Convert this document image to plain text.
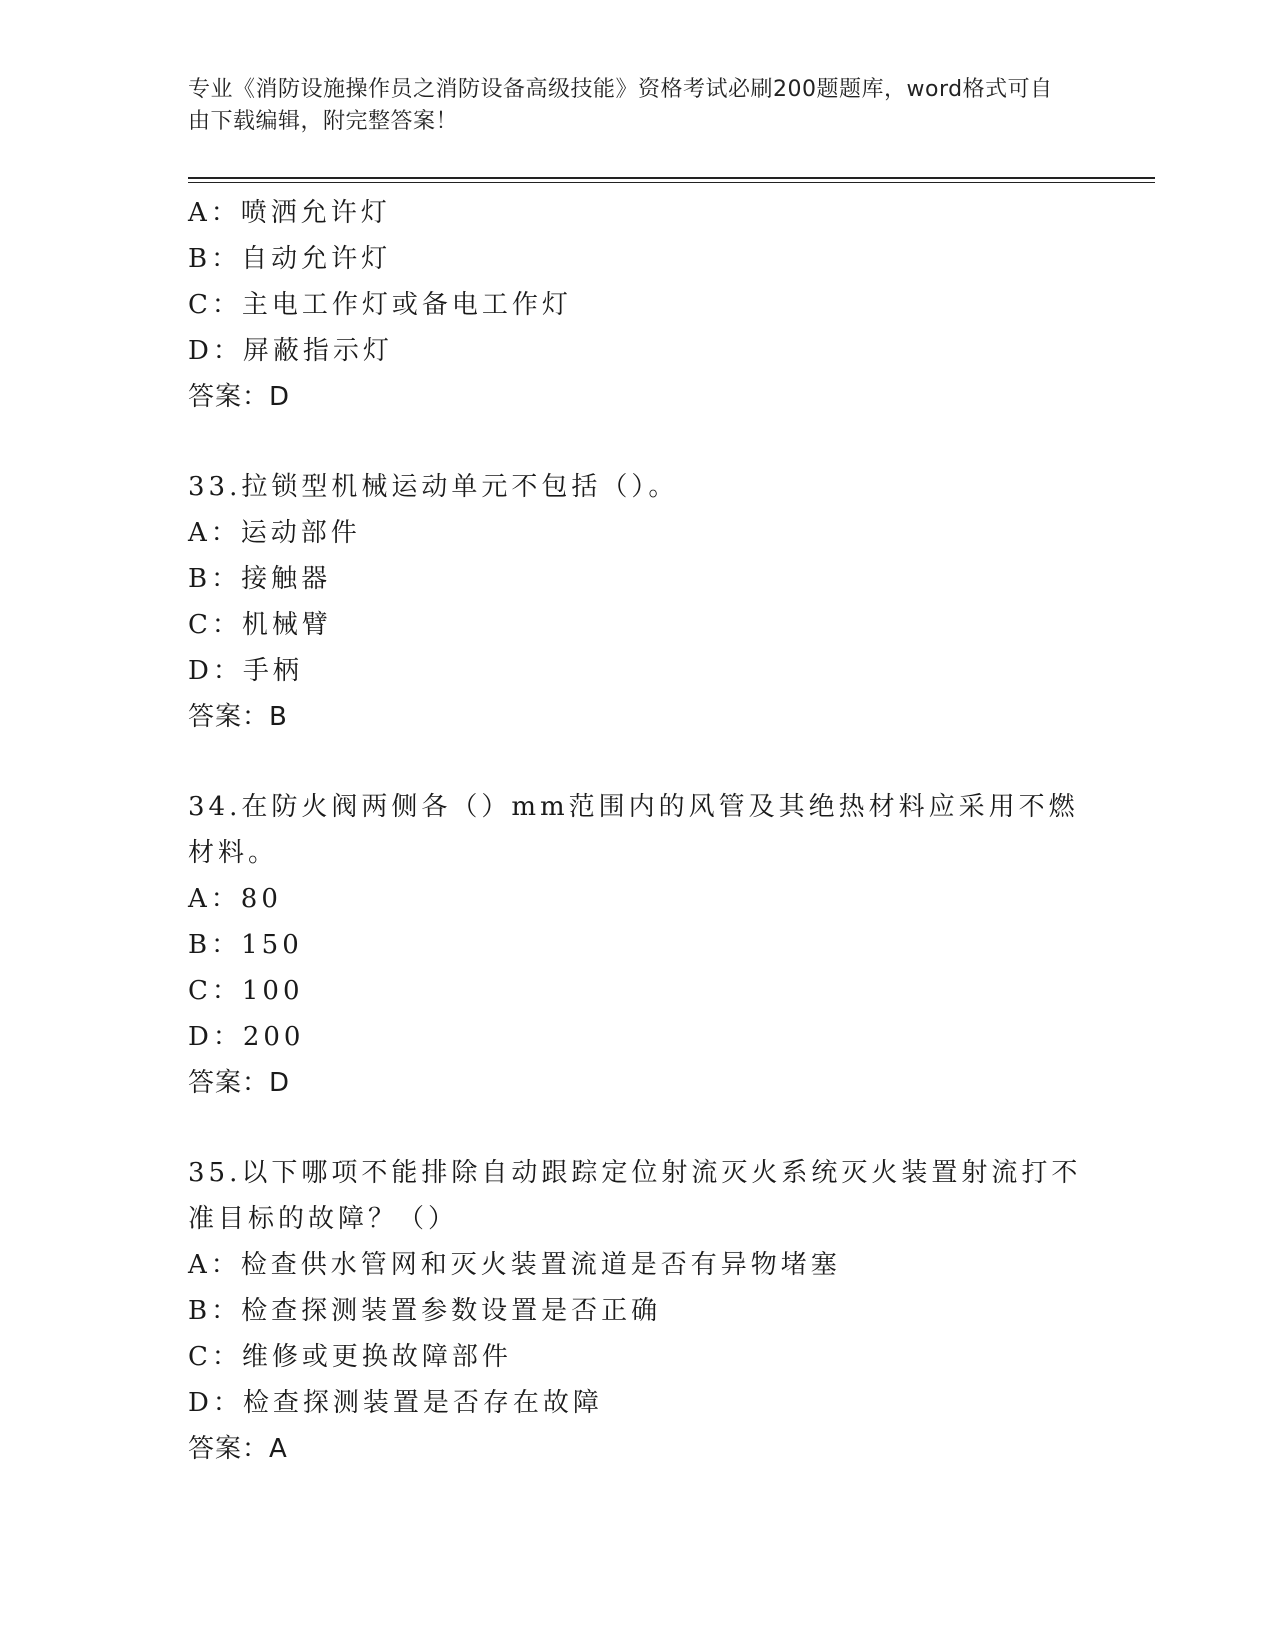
专业《消防设施操作员之消防设备高级技能》资格考试必刷200题题库，word格式可自由下载编辑，附完整答案！
A：喷洒允许灯
B：自动允许灯
C：主电工作灯或备电工作灯
D：屏蔽指示灯
答案：D
33.拉锁型机械运动单元不包括（）。
A：运动部件
B：接触器
C：机械臂
D：手柄
答案：B
34.在防火阀两侧各（）mm范围内的风管及其绝热材料应采用不燃材料。
A：80
B：150
C：100
D：200
答案：D
35.以下哪项不能排除自动跟踪定位射流灭火系统灭火装置射流打不准目标的故障？（）
A：检查供水管网和灭火装置流道是否有异物堵塞
B：检查探测装置参数设置是否正确
C：维修或更换故障部件
D：检查探测装置是否存在故障
答案：A
